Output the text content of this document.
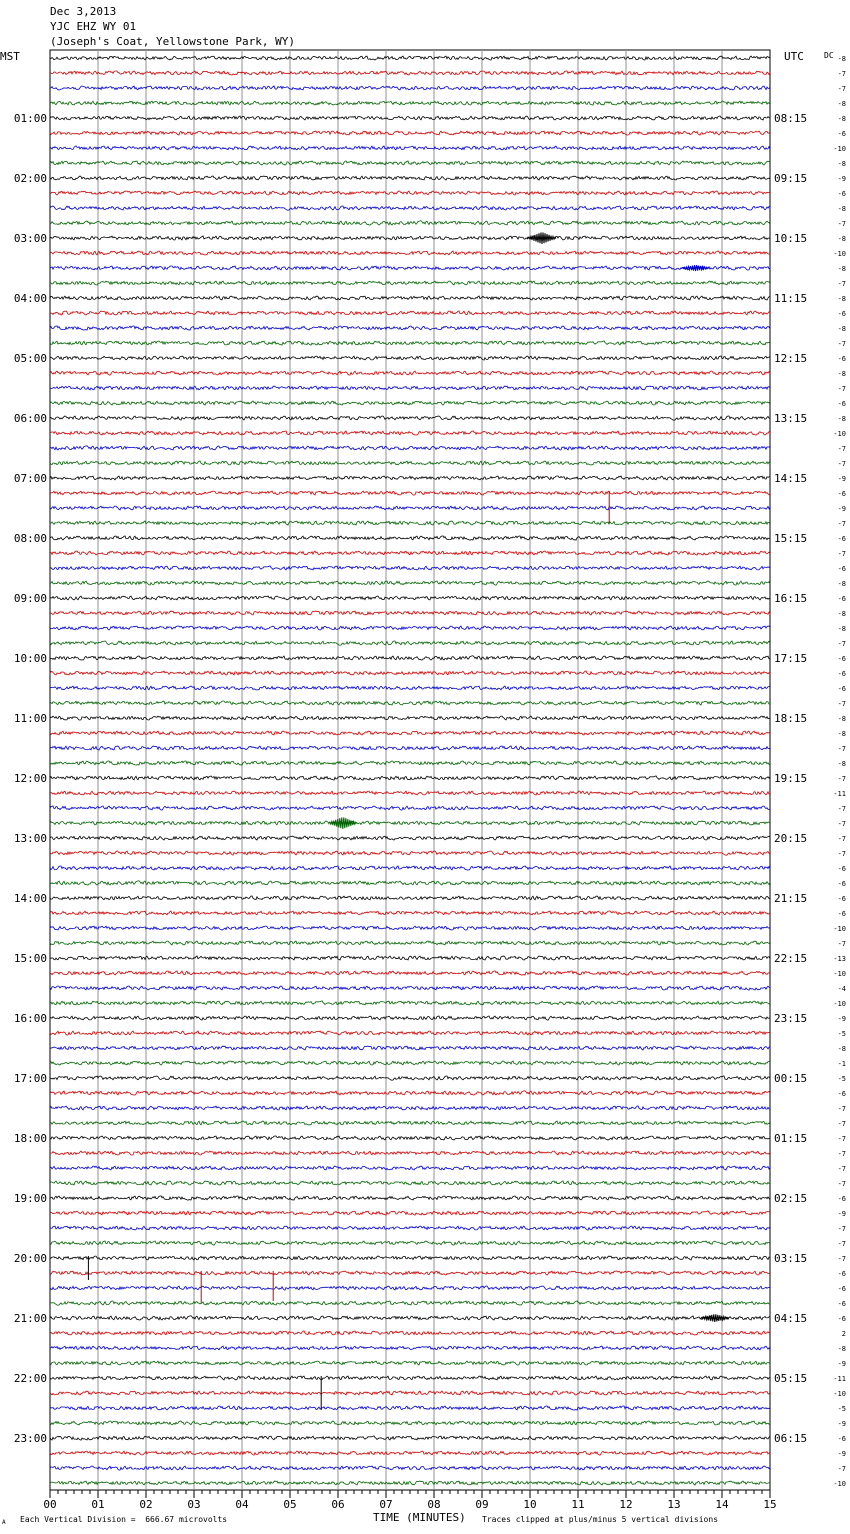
Dec 3,2013
YJC EHZ WY 01
(Joseph's Coat, Yellowstone Park, WY)
MST	UTC	DC
01:00	08:15
02:00	09:15
03:00	10:15
04:00	11:15
05:00	12:15
06:00	13:15
07:00	14:15
08:00	15:15
09:00	16:15
10:00	17:15
11:00	18:15
12:00	19:15
13:00	20:15
14:00	21:15
15:00	22:15
16:00	23:15
17:00	00:15
18:00	01:15
19:00	02:15
20:00	03:15
21:00	04:15
22:00	05:15
23:00	06:15
-8
-7
-7
-8
-8
-6
-10
-8
-9
-6
-8
-7
-8
-10
-8
-7
-8
-6
-8
-7
-6
-8
-7
-6
-8
-10
-7
-7
-9
-6
-9
-7
-6
-7
-6
-8
-6
-8
-8
-7
-6
-6
-6
-7
-8
-8
-7
-8
-7
-11
-7
-7
-7
-7
-6
-6
-6
-6
-10
-7
-13
-10
-4
-10
-9
-5
-8
-1
-5
-6
-7
-7
-7
-7
-7
-7
-6
-9
-7
-7
-7
-6
-6
-6
-6
2
-8
-9
-11
-10
-5
-9
-6
-9
-7
-10
00	01	02	03	04	05	06	07	08	09	10	11	12	13	14	15
TIME (MINUTES)
Each Vertical Division =  666.67 microvolts	Traces clipped at plus/minus 5 vertical divisions
A
